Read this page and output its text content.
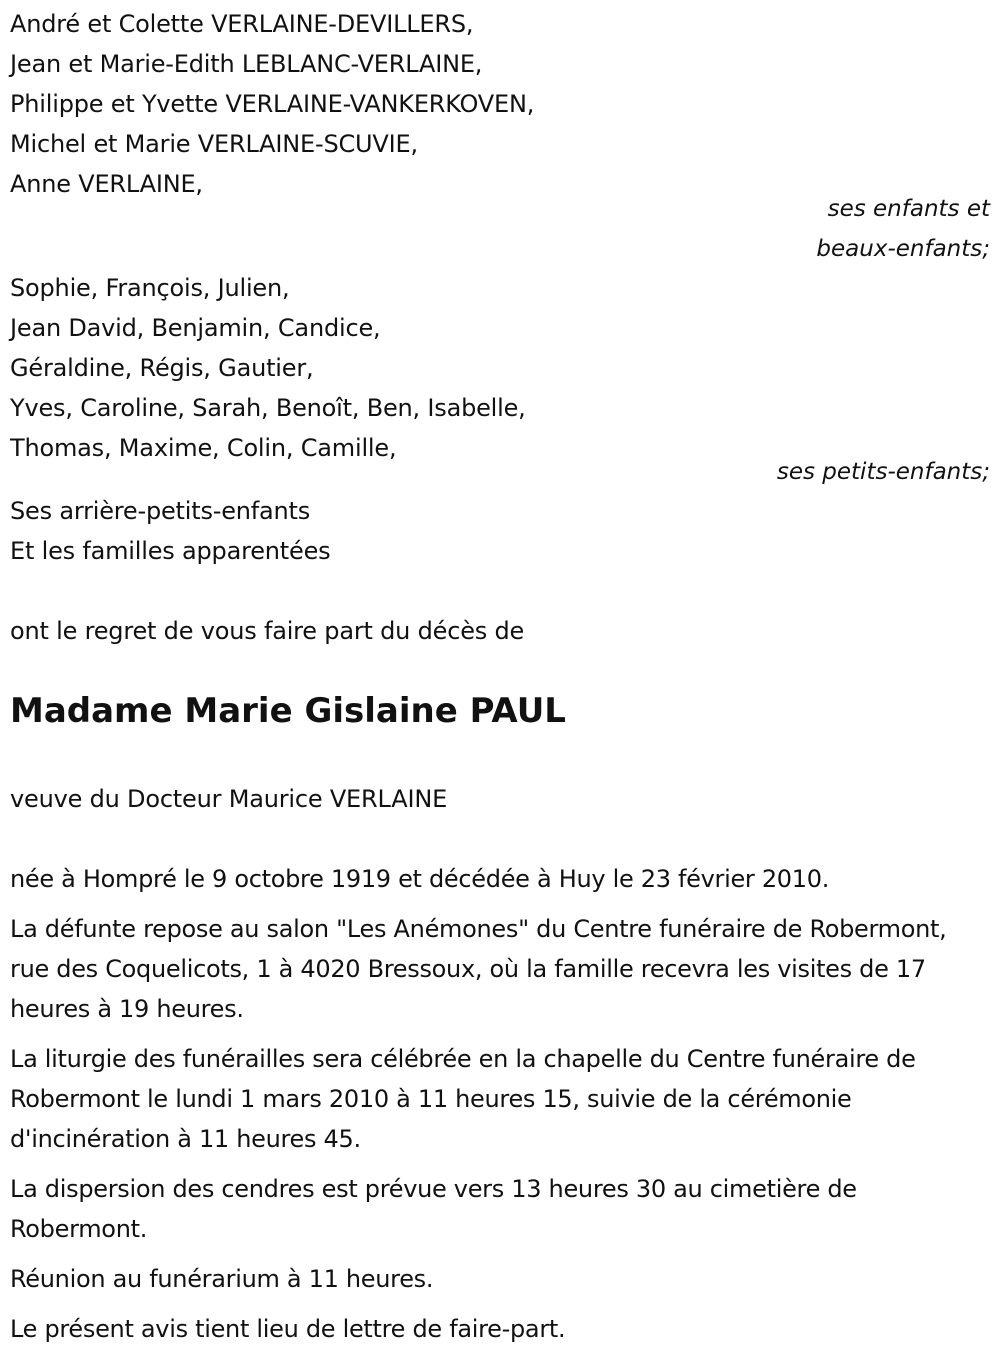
André et Colette VERLAINE-DEVILLERS,
Jean et Marie-Edith LEBLANC-VERLAINE,
Philippe et Yvette VERLAINE-VANKERKOVEN,
Michel et Marie VERLAINE-SCUVIE,
Anne VERLAINE,
ses enfants et
beaux-enfants;
Sophie, François, Julien,
Jean David, Benjamin, Candice,
Géraldine, Régis, Gautier,
Yves, Caroline, Sarah, Benoît, Ben, Isabelle,
Thomas, Maxime, Colin, Camille,
ses petits-enfants;
Ses arrière-petits-enfants
Et les familles apparentées
ont le regret de vous faire part du décès de
Madame Marie Gislaine PAUL
veuve du Docteur Maurice VERLAINE

née à Hompré le 9 octobre 1919 et décédée à Huy le 23 février 2010.

La défunte repose au salon "Les Anémones" du Centre funéraire de Robermont, rue des Coquelicots, 1 à 4020 Bressoux, où la famille recevra les visites de 17 heures à 19 heures.

La liturgie des funérailles sera célébrée en la chapelle du Centre funéraire de Robermont le lundi 1 mars 2010 à 11 heures 15, suivie de la cérémonie d'incinération à 11 heures 45.

La dispersion des cendres est prévue vers 13 heures 30 au cimetière de Robermont.

Réunion au funérarium à 11 heures.

Le présent avis tient lieu de lettre de faire-part.
